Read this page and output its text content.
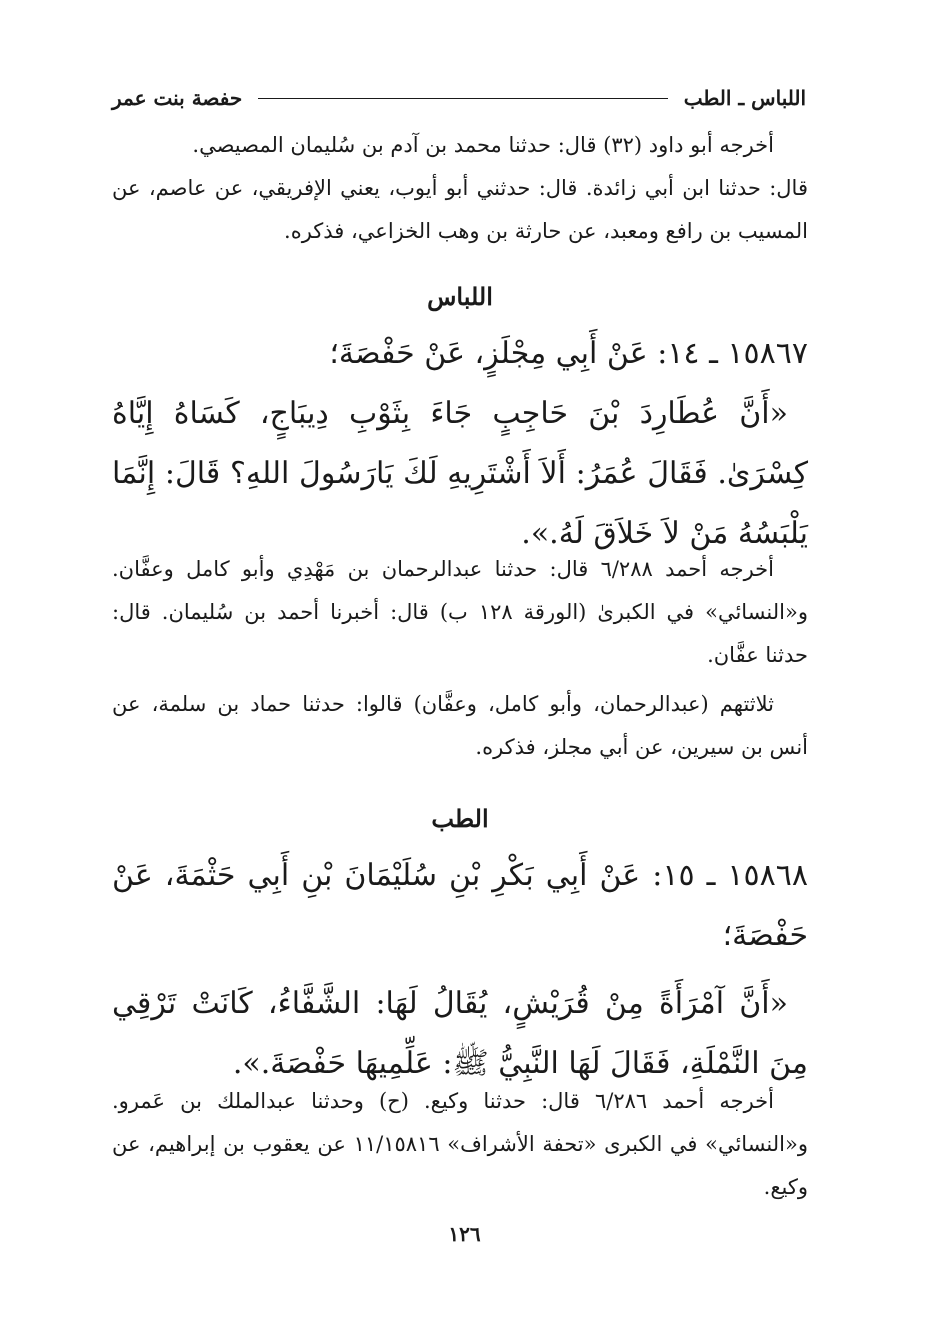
اللباس ـ الطب
حفصة بنت عمر

أخرجه أبو داود (٣٢) قال: حدثنا محمد بن آدم بن سُليمان المصيصي.

قال: حدثنا ابن أبي زائدة. قال: حدثني أبو أيوب، يعني الإفريقي، عن عاصم، عن المسيب بن رافع ومعبد، عن حارثة بن وهب الخزاعي، فذكره.

اللباس

١٥٨٦٧ ـ ١٤: عَنْ أَبِي مِجْلَزٍ، عَنْ حَفْصَةَ؛

«أَنَّ عُطَارِدَ بْنَ حَاجِبٍ جَاءَ بِثَوْبِ دِيبَاجٍ، كَسَاهُ إِيَّاهُ كِسْرَىٰ. فَقَالَ عُمَرُ: أَلاَ أَشْتَرِيهِ لَكَ يَارَسُولَ اللهِ؟ قَالَ: إِنَّمَا يَلْبَسُهُ مَنْ لاَ خَلاَقَ لَهُ.».

أخرجه أحمد ٦/٢٨٨ قال: حدثنا عبدالرحمان بن مَهْدِي وأبو كامل وعفَّان. و«النسائي» في الكبرىٰ (الورقة ١٢٨ ب) قال: أخبرنا أحمد بن سُليمان. قال: حدثنا عفَّان.

ثلاثتهم (عبدالرحمان، وأبو كامل، وعفَّان) قالوا: حدثنا حماد بن سلمة، عن أنس بن سيرين، عن أبي مجلز، فذكره.

الطب

١٥٨٦٨ ـ ١٥: عَنْ أَبِي بَكْرِ بْنِ سُلَيْمَانَ بْنِ أَبِي حَثْمَةَ، عَنْ حَفْصَةَ؛

«أَنَّ آمْرَأَةً مِنْ قُرَيْشٍ، يُقَالُ لَهَا: الشَّفَّاءُ، كَانَتْ تَرْقِي مِنَ النَّمْلَةِ، فَقَالَ لَهَا النَّبِيُّ ﷺ: عَلِّمِيهَا حَفْصَةَ.».

أخرجه أحمد ٦/٢٨٦ قال: حدثنا وكيع. (ح) وحدثنا عبدالملك بن عَمرو. و«النسائي» في الكبرى «تحفة الأشراف» ١١/١٥٨١٦ عن يعقوب بن إبراهيم، عن وكيع.

١٢٦
